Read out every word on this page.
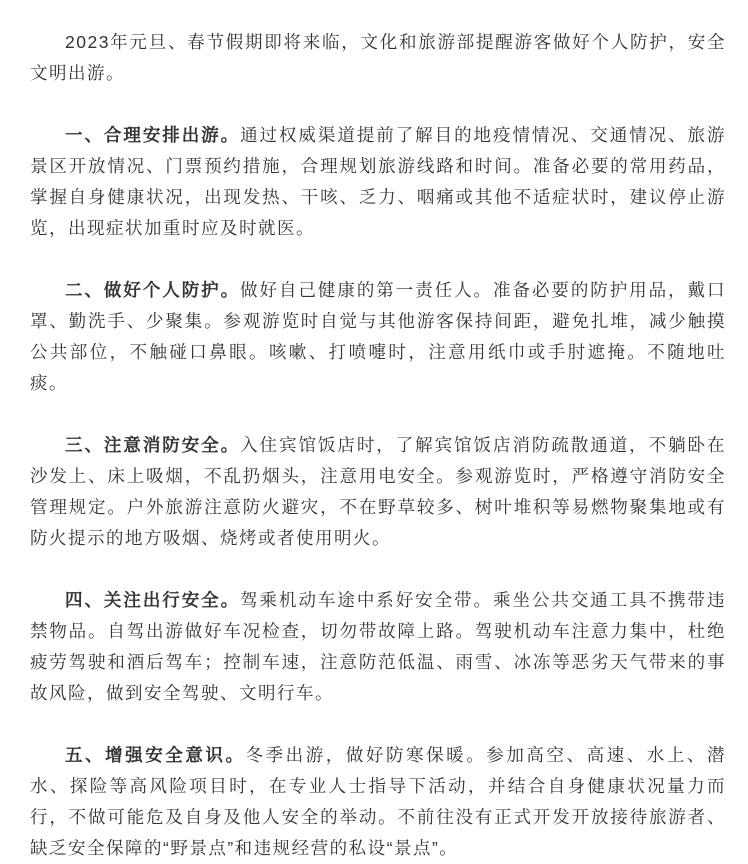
2023年元旦、春节假期即将来临，文化和旅游部提醒游客做好个人防护，安全文明出游。

一、合理安排出游。通过权威渠道提前了解目的地疫情情况、交通情况、旅游景区开放情况、门票预约措施，合理规划旅游线路和时间。准备必要的常用药品，掌握自身健康状况，出现发热、干咳、乏力、咽痛或其他不适症状时，建议停止游览，出现症状加重时应及时就医。

二、做好个人防护。做好自己健康的第一责任人。准备必要的防护用品，戴口罩、勤洗手、少聚集。参观游览时自觉与其他游客保持间距，避免扎堆，减少触摸公共部位，不触碰口鼻眼。咳嗽、打喷嚏时，注意用纸巾或手肘遮掩。不随地吐痰。

三、注意消防安全。入住宾馆饭店时，了解宾馆饭店消防疏散通道，不躺卧在沙发上、床上吸烟，不乱扔烟头，注意用电安全。参观游览时，严格遵守消防安全管理规定。户外旅游注意防火避灾，不在野草较多、树叶堆积等易燃物聚集地或有防火提示的地方吸烟、烧烤或者使用明火。

四、关注出行安全。驾乘机动车途中系好安全带。乘坐公共交通工具不携带违禁物品。自驾出游做好车况检查，切勿带故障上路。驾驶机动车注意力集中，杜绝疲劳驾驶和酒后驾车；控制车速，注意防范低温、雨雪、冰冻等恶劣天气带来的事故风险，做到安全驾驶、文明行车。

五、增强安全意识。冬季出游，做好防寒保暖。参加高空、高速、水上、潜水、探险等高风险项目时，在专业人士指导下活动，并结合自身健康状况量力而行，不做可能危及自身及他人安全的举动。不前往没有正式开发开放接待旅游者、缺乏安全保障的“野景点”和违规经营的私设“景点”。
